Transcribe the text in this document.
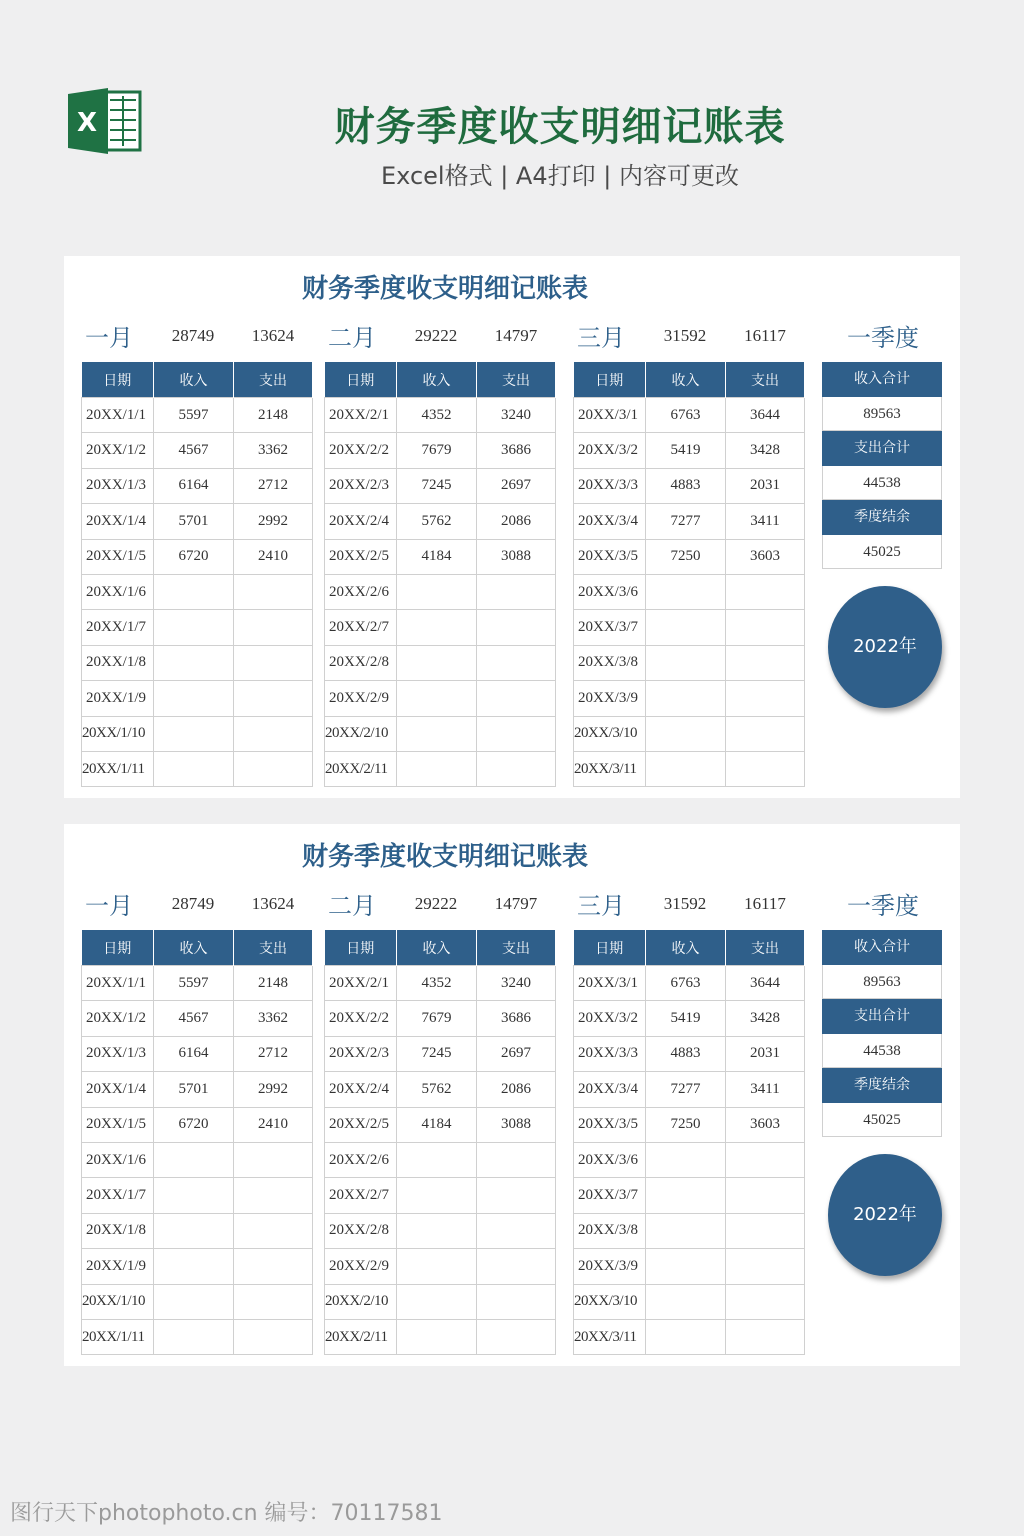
X	财务季度收支明细记账表
Excel格式 | A4打印 | 内容可更改
财务季度收支明细记账表
一月	28749	13624
日期	收入	支出
20XX/1/1	5597	2148
20XX/1/2	4567	3362
20XX/1/3	6164	2712
20XX/1/4	5701	2992
20XX/1/5	6720	2410
20XX/1/6		
20XX/1/7		
20XX/1/8		
20XX/1/9		
20XX/1/10		
20XX/1/11		
二月	29222	14797
日期	收入	支出
20XX/2/1	4352	3240
20XX/2/2	7679	3686
20XX/2/3	7245	2697
20XX/2/4	5762	2086
20XX/2/5	4184	3088
20XX/2/6		
20XX/2/7		
20XX/2/8		
20XX/2/9		
20XX/2/10		
20XX/2/11		
三月	31592	16117
日期	收入	支出
20XX/3/1	6763	3644
20XX/3/2	5419	3428
20XX/3/3	4883	2031
20XX/3/4	7277	3411
20XX/3/5	7250	3603
20XX/3/6		
20XX/3/7		
20XX/3/8		
20XX/3/9		
20XX/3/10		
20XX/3/11		
一季度
收入合计
89563
支出合计
44538
季度结余
45025
2022年
财务季度收支明细记账表
一月	28749	13624
日期	收入	支出
20XX/1/1	5597	2148
20XX/1/2	4567	3362
20XX/1/3	6164	2712
20XX/1/4	5701	2992
20XX/1/5	6720	2410
20XX/1/6		
20XX/1/7		
20XX/1/8		
20XX/1/9		
20XX/1/10		
20XX/1/11		
二月	29222	14797
日期	收入	支出
20XX/2/1	4352	3240
20XX/2/2	7679	3686
20XX/2/3	7245	2697
20XX/2/4	5762	2086
20XX/2/5	4184	3088
20XX/2/6		
20XX/2/7		
20XX/2/8		
20XX/2/9		
20XX/2/10		
20XX/2/11		
三月	31592	16117
日期	收入	支出
20XX/3/1	6763	3644
20XX/3/2	5419	3428
20XX/3/3	4883	2031
20XX/3/4	7277	3411
20XX/3/5	7250	3603
20XX/3/6		
20XX/3/7		
20XX/3/8		
20XX/3/9		
20XX/3/10		
20XX/3/11		
一季度
收入合计
89563
支出合计
44538
季度结余
45025
2022年
图行天下photophoto.cn 编号：70117581
